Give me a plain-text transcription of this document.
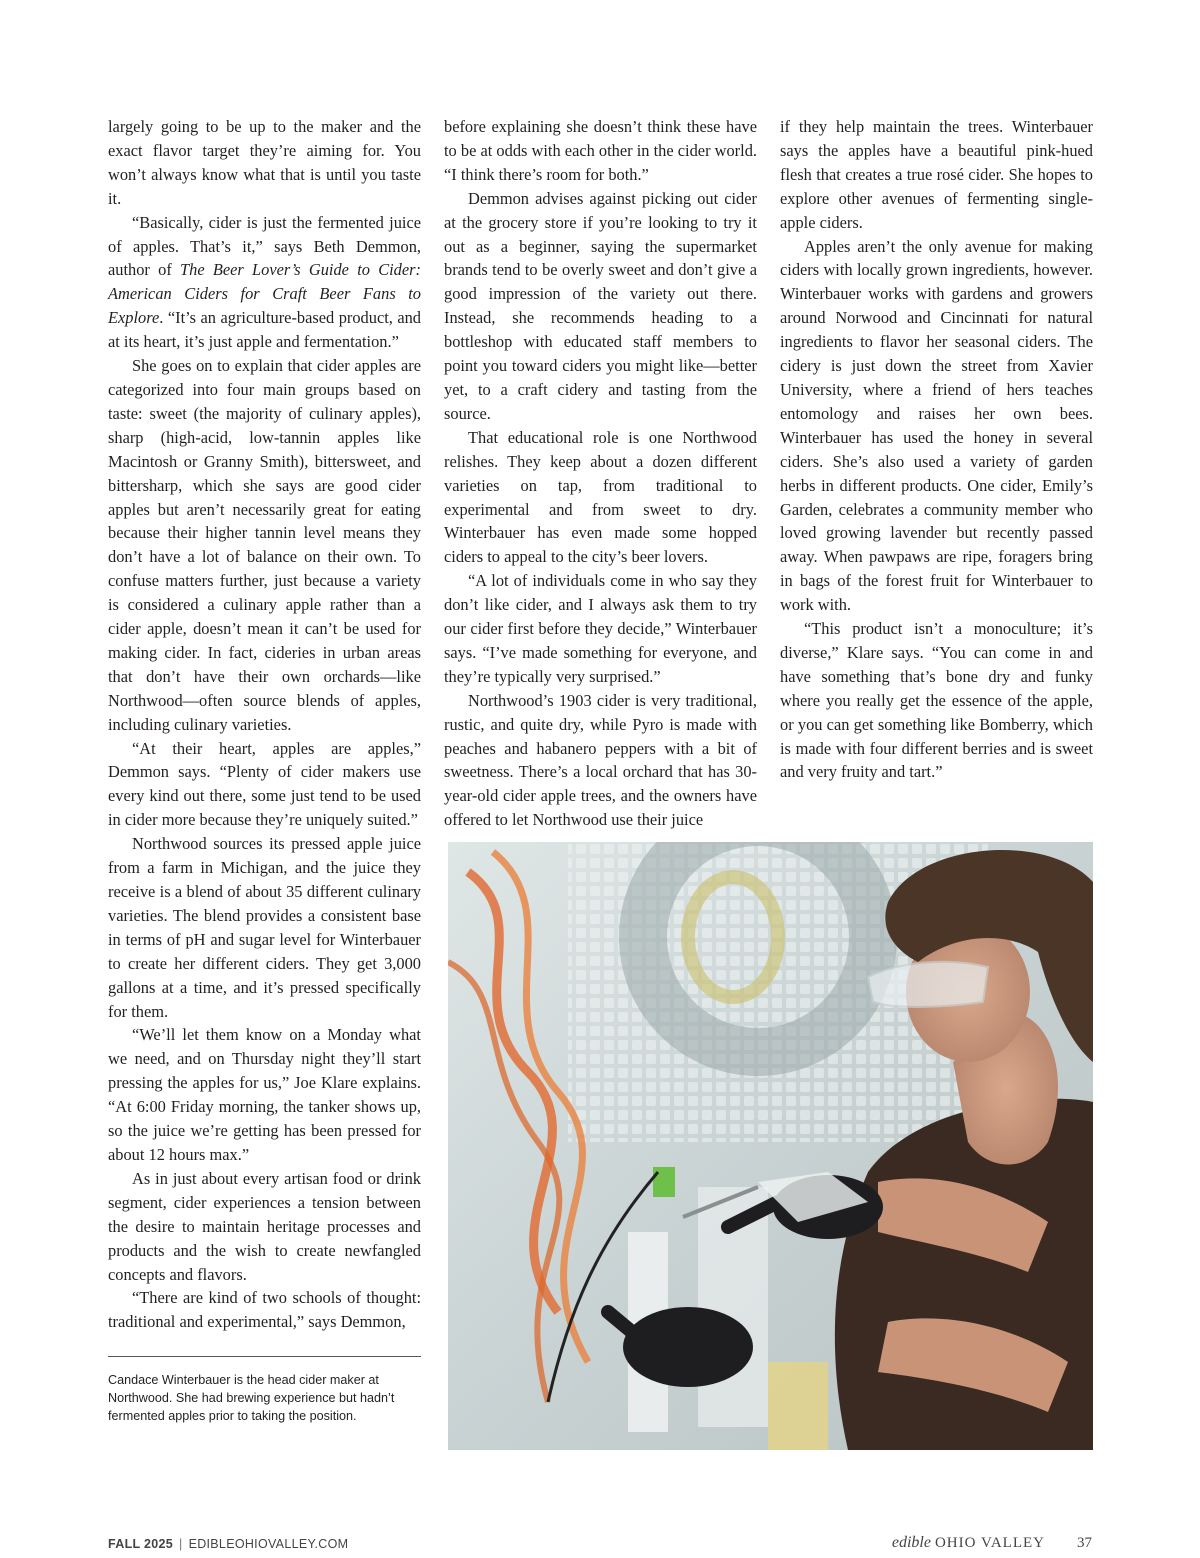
largely going to be up to the maker and the exact flavor target they’re aiming for. You won’t always know what that is until you taste it.

“Basically, cider is just the fermented juice of apples. That’s it,” says Beth Demmon, author of The Beer Lover’s Guide to Cider: American Ciders for Craft Beer Fans to Explore. “It’s an agriculture-based product, and at its heart, it’s just apple and fermentation.”

She goes on to explain that cider apples are categorized into four main groups based on taste: sweet (the majority of culinary apples), sharp (high-acid, low-tannin apples like Macintosh or Granny Smith), bittersweet, and bittersharp, which she says are good cider apples but aren’t necessarily great for eating because their higher tannin level means they don’t have a lot of balance on their own. To confuse matters further, just because a variety is considered a culinary apple rather than a cider apple, doesn’t mean it can’t be used for making cider. In fact, cideries in urban areas that don’t have their own orchards—like Northwood—often source blends of apples, including culinary varieties.

“At their heart, apples are apples,” Demmon says. “Plenty of cider makers use every kind out there, some just tend to be used in cider more because they’re uniquely suited.”

Northwood sources its pressed apple juice from a farm in Michigan, and the juice they receive is a blend of about 35 different culinary varieties. The blend provides a consistent base in terms of pH and sugar level for Winterbauer to create her different ciders. They get 3,000 gallons at a time, and it’s pressed specifically for them.

“We’ll let them know on a Monday what we need, and on Thursday night they’ll start pressing the apples for us,” Joe Klare explains. “At 6:00 Friday morning, the tanker shows up, so the juice we’re getting has been pressed for about 12 hours max.”

As in just about every artisan food or drink segment, cider experiences a tension between the desire to maintain heritage processes and products and the wish to create newfangled concepts and flavors.

“There are kind of two schools of thought: traditional and experimental,” says Demmon,

before explaining she doesn’t think these have to be at odds with each other in the cider world. “I think there’s room for both.”

Demmon advises against picking out cider at the grocery store if you’re looking to try it out as a beginner, saying the supermarket brands tend to be overly sweet and don’t give a good impression of the variety out there. Instead, she recommends heading to a bottleshop with educated staff members to point you toward ciders you might like—better yet, to a craft cidery and tasting from the source.

That educational role is one Northwood relishes. They keep about a dozen different varieties on tap, from traditional to experimental and from sweet to dry. Winterbauer has even made some hopped ciders to appeal to the city’s beer lovers.

“A lot of individuals come in who say they don’t like cider, and I always ask them to try our cider first before they decide,” Winterbauer says. “I’ve made something for everyone, and they’re typically very surprised.”

Northwood’s 1903 cider is very traditional, rustic, and quite dry, while Pyro is made with peaches and habanero peppers with a bit of sweetness. There’s a local orchard that has 30-year-old cider apple trees, and the owners have offered to let Northwood use their juice

if they help maintain the trees. Winterbauer says the apples have a beautiful pink-hued flesh that creates a true rosé cider. She hopes to explore other avenues of fermenting single-apple ciders.

Apples aren’t the only avenue for making ciders with locally grown ingredients, however. Winterbauer works with gardens and growers around Norwood and Cincinnati for natural ingredients to flavor her seasonal ciders. The cidery is just down the street from Xavier University, where a friend of hers teaches entomology and raises her own bees. Winterbauer has used the honey in several ciders. She’s also used a variety of garden herbs in different products. One cider, Emily’s Garden, celebrates a community member who loved growing lavender but recently passed away. When pawpaws are ripe, foragers bring in bags of the forest fruit for Winterbauer to work with.

“This product isn’t a monoculture; it’s diverse,” Klare says. “You can come in and have something that’s bone dry and funky where you really get the essence of the apple, or you can get something like Bomberry, which is made with four different berries and is sweet and very fruity and tart.”

Candace Winterbauer is the head cider maker at Northwood. She had brewing experience but hadn’t fermented apples prior to taking the position.
FALL 2025 | EDIBLEOHIOVALLEY.COM	edible OHIO VALLEY 37
